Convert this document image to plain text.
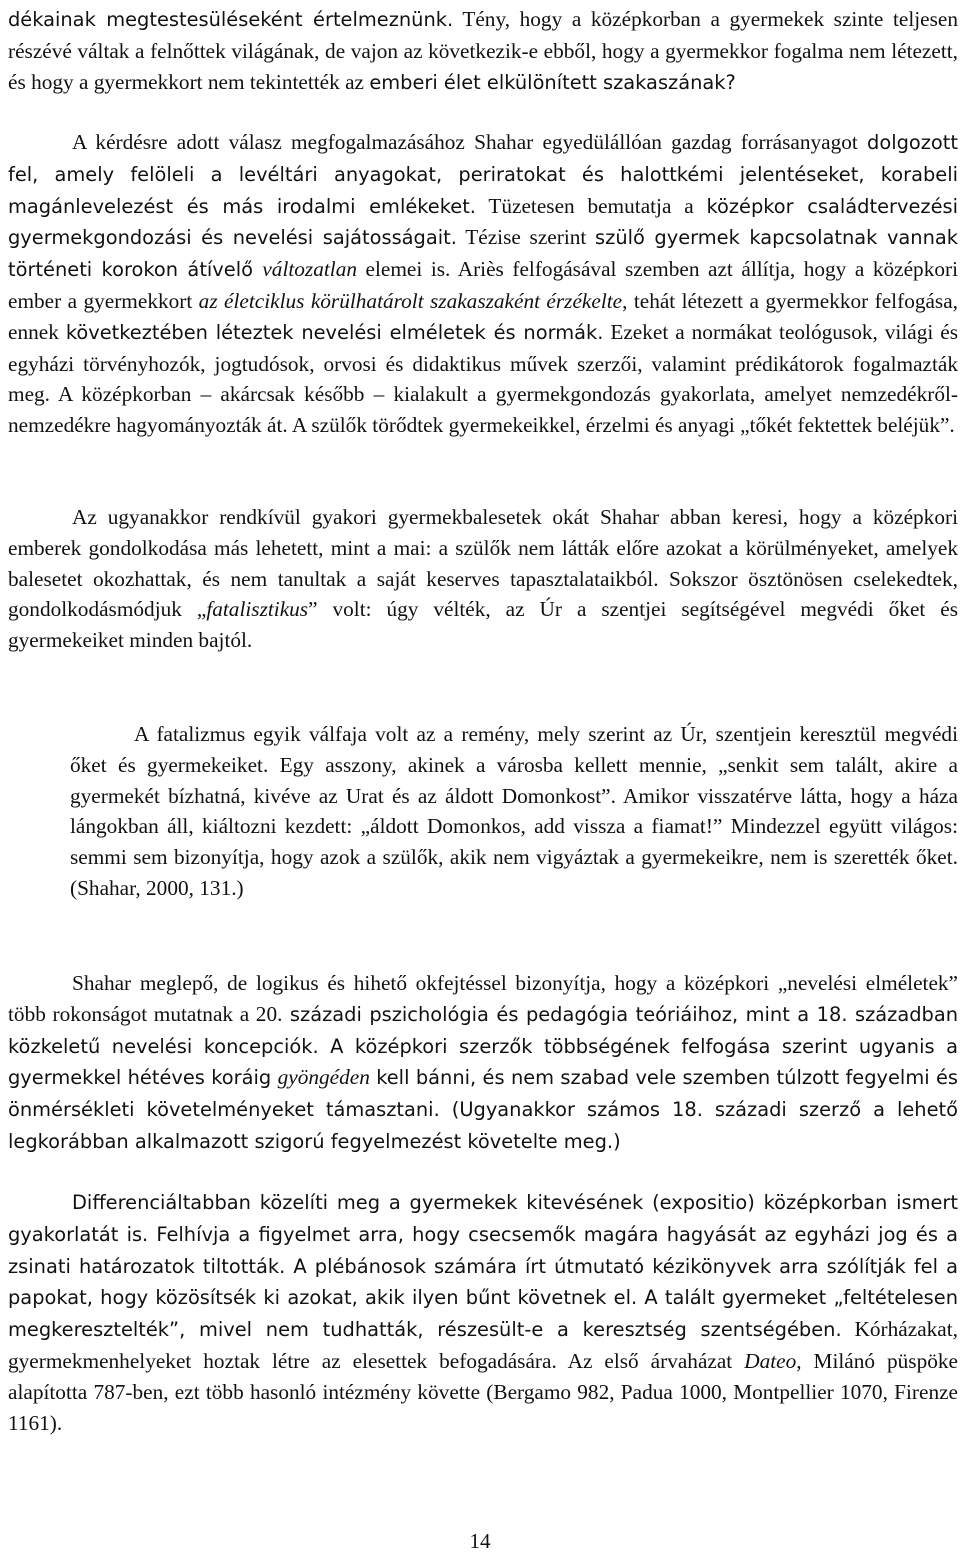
dékainak megtestesüléseként értelmeznünk. Tény, hogy a középkorban a gyermekek szinte teljesen részévé váltak a felnőttek világának, de vajon az következik-e ebből, hogy a gyermekkor fogalma nem létezett, és hogy a gyermekkort nem tekintették az emberi élet elkülönített szakaszának?

A kérdésre adott válasz megfogalmazásához Shahar egyedülállóan gazdag forrásanyagot dolgozott fel, amely felöleli a levéltári anyagokat, periratokat és halottkémi jelentéseket, korabeli magánlevelezést és más irodalmi emlékeket. Tüzetesen bemutatja a középkor családtervezési gyermekgondozási és nevelési sajátosságait. Tézise szerint szülő gyermek kapcsolatnak vannak történeti korokon átívelő változatlan elemei is. Ariès felfogásával szemben azt állítja, hogy a középkori ember a gyermekkort az életciklus körülhatárolt szakaszaként érzékelte, tehát létezett a gyermekkor felfogása, ennek következtében léteztek nevelési elméletek és normák. Ezeket a normákat teológusok, világi és egyházi törvényhozók, jogtudósok, orvosi és didaktikus művek szerzői, valamint prédikátorok fogalmazták meg. A középkorban – akárcsak később – kialakult a gyermekgondozás gyakorlata, amelyet nemzedékről-nemzedékre hagyományozták át. A szülők törődtek gyermekeikkel, érzelmi és anyagi „tőkét fektettek beléjük”.

Az ugyanakkor rendkívül gyakori gyermekbalesetek okát Shahar abban keresi, hogy a középkori emberek gondolkodása más lehetett, mint a mai: a szülők nem látták előre azokat a körülményeket, amelyek balesetet okozhattak, és nem tanultak a saját keserves tapasztalataikból. Sokszor ösztönösen cselekedtek, gondolkodásmódjuk „fatalisztikus” volt: úgy vélték, az Úr a szentjei segítségével megvédi őket és gyermekeiket minden bajtól.

A fatalizmus egyik válfaja volt az a remény, mely szerint az Úr, szentjein keresztül megvédi őket és gyermekeiket. Egy asszony, akinek a városba kellett mennie, „senkit sem talált, akire a gyermekét bízhatná, kivéve az Urat és az áldott Domonkost”. Amikor visszatérve látta, hogy a háza lángokban áll, kiáltozni kezdett: „áldott Domonkos, add vissza a fiamat!” Mindezzel együtt világos: semmi sem bizonyítja, hogy azok a szülők, akik nem vigyáztak a gyermekeikre, nem is szerették őket. (Shahar, 2000, 131.)

Shahar meglepő, de logikus és hihető okfejtéssel bizonyítja, hogy a középkori „nevelési elméletek” több rokonságot mutatnak a 20. századi pszichológia és pedagógia teóriáihoz, mint a 18. században közkeletű nevelési koncepciók. A középkori szerzők többségének felfogása szerint ugyanis a gyermekkel hétéves koráig gyöngéden kell bánni, és nem szabad vele szemben túlzott fegyelmi és önmérsékleti követelményeket támasztani. (Ugyanakkor számos 18. századi szerző a lehető legkorábban alkalmazott szigorú fegyelmezést követelte meg.)

Differenciáltabban közelíti meg a gyermekek kitevésének (expositio) középkorban ismert gyakorlatát is. Felhívja a figyelmet arra, hogy csecsemők magára hagyását az egyházi jog és a zsinati határozatok tiltották. A plébánosok számára írt útmutató kézikönyvek arra szólítják fel a papokat, hogy közösítsék ki azokat, akik ilyen bűnt követnek el. A talált gyermeket „feltételesen megkeresztelték”, mivel nem tudhatták, részesült-e a keresztség szentségében. Kórházakat, gyermekmenhelyeket hoztak létre az elesettek befogadására. Az első árvaházat Dateo, Milánó püspöke alapította 787-ben, ezt több hasonló intézmény követte (Bergamo 982, Padua 1000, Montpellier 1070, Firenze 1161).

14
